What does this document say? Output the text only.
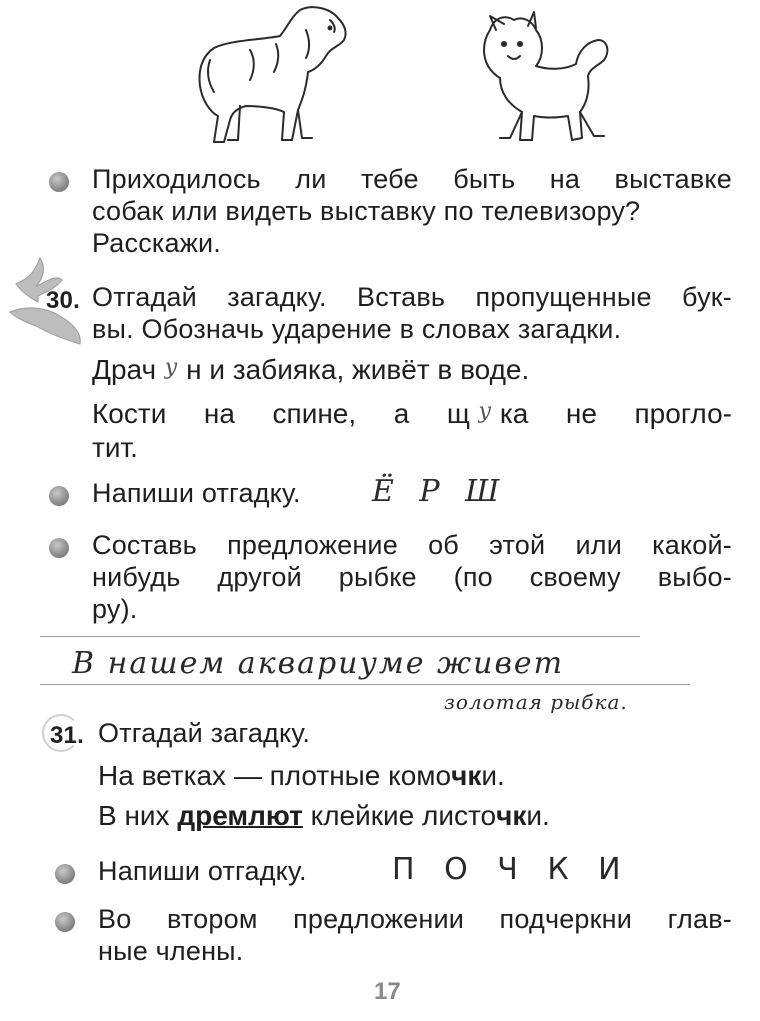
Приходилось ли тебе быть на выставке
собак или видеть выставку по телевизору?
Расскажи.
30. Отгадай загадку. Вставь пропущенные бук-
вы. Обозначь ударение в словах загадки.
Драч у н и забияка, живёт в воде.
Кости на спине, а щ у ка не прогло-
тит.
Напиши отгадку. Ё Р Ш
Составь предложение об этой или какой-
нибудь другой рыбке (по своему выбо-
ру).
В нашем аквариуме живет
золотая рыбка.
31. Отгадай загадку.
На ветках — плотные комочки.
В них дремлют клейкие листочки.
Напиши отгадку.	П О Ч К И
Во втором предложении подчеркни глав-
ные члены.
17
